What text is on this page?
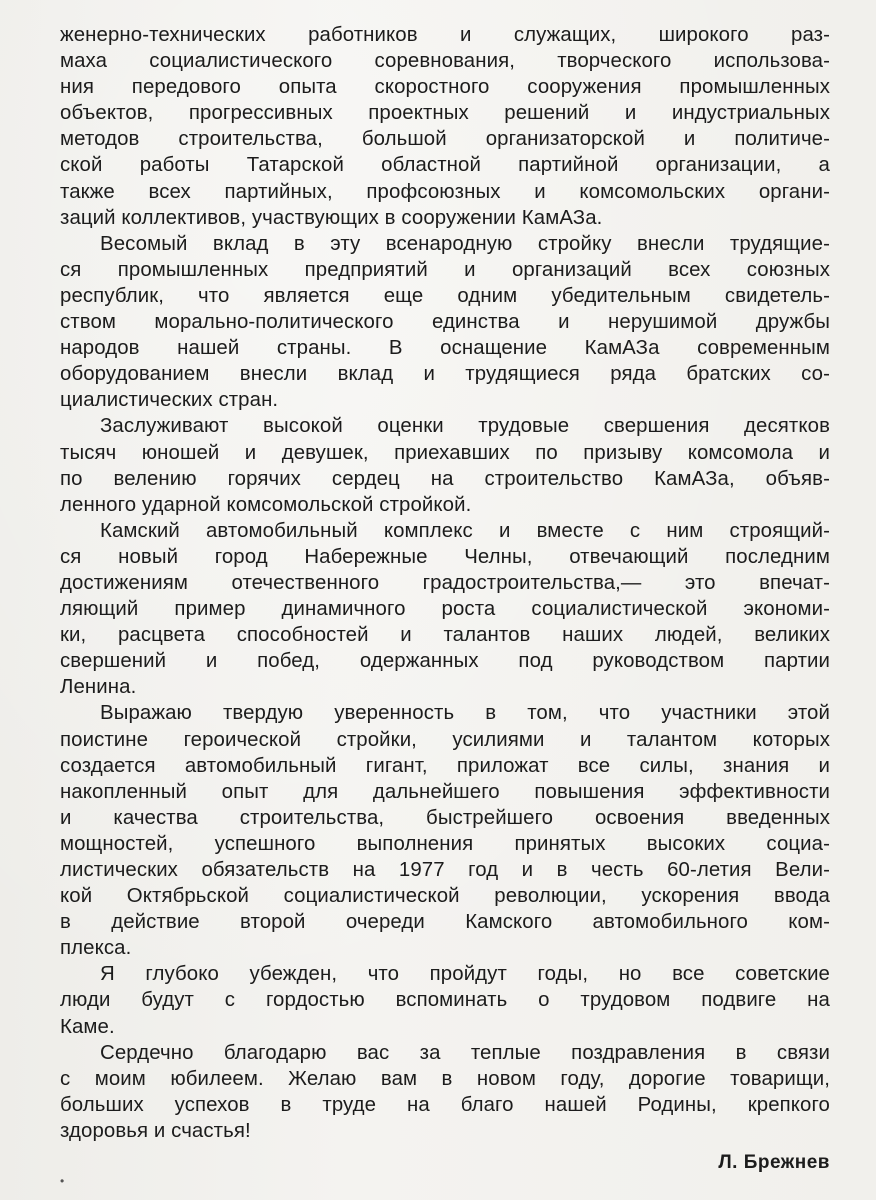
женерно-технических работников и служащих, широкого раз-
маха социалистического соревнования, творческого использова-
ния передового опыта скоростного сооружения промышленных
объектов, прогрессивных проектных решений и индустриальных
методов строительства, большой организаторской и политиче-
ской работы Татарской областной партийной организации, а
также всех партийных, профсоюзных и комсомольских органи-
заций коллективов, участвующих в сооружении КамАЗа.
Весомый вклад в эту всенародную стройку внесли трудящие-
ся промышленных предприятий и организаций всех союзных
республик, что является еще одним убедительным свидетель-
ством морально-политического единства и нерушимой дружбы
народов нашей страны. В оснащение КамАЗа современным
оборудованием внесли вклад и трудящиеся ряда братских со-
циалистических стран.
Заслуживают высокой оценки трудовые свершения десятков
тысяч юношей и девушек, приехавших по призыву комсомола и
по велению горячих сердец на строительство КамАЗа, объяв-
ленного ударной комсомольской стройкой.
Камский автомобильный комплекс и вместе с ним строящий-
ся новый город Набережные Челны, отвечающий последним
достижениям отечественного градостроительства,— это впечат-
ляющий пример динамичного роста социалистической экономи-
ки, расцвета способностей и талантов наших людей, великих
свершений и побед, одержанных под руководством партии
Ленина.
Выражаю твердую уверенность в том, что участники этой
поистине героической стройки, усилиями и талантом которых
создается автомобильный гигант, приложат все силы, знания и
накопленный опыт для дальнейшего повышения эффективности
и качества строительства, быстрейшего освоения введенных
мощностей, успешного выполнения принятых высоких социа-
листических обязательств на 1977 год и в честь 60-летия Вели-
кой Октябрьской социалистической революции, ускорения ввода
в действие второй очереди Камского автомобильного ком-
плекса.
Я глубоко убежден, что пройдут годы, но все советские
люди будут с гордостью вспоминать о трудовом подвиге на
Каме.
Сердечно благодарю вас за теплые поздравления в связи
с моим юбилеем. Желаю вам в новом году, дорогие товарищи,
больших успехов в труде на благо нашей Родины, крепкого
здоровья и счастья!
Л. Брежнев
•
